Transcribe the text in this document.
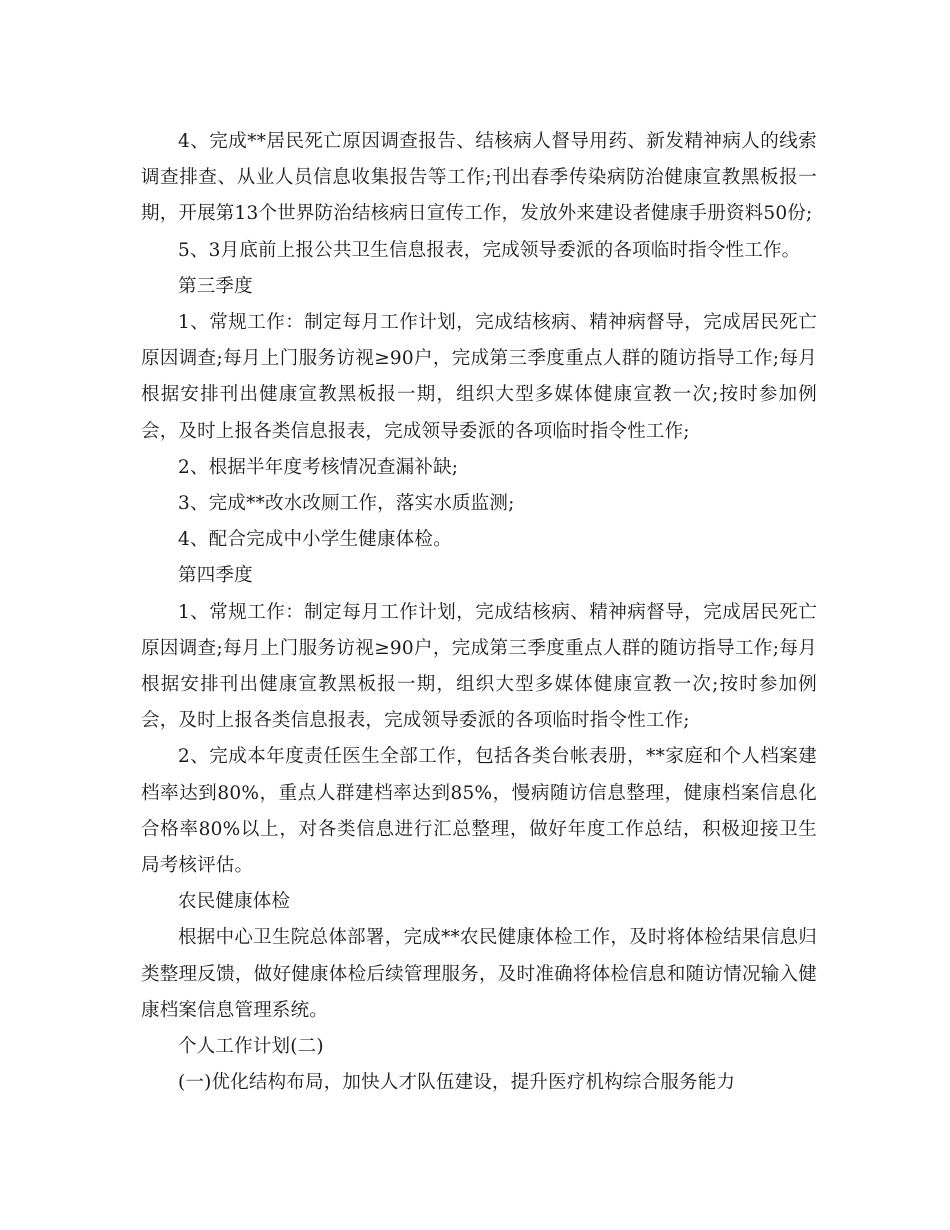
4、完成**居民死亡原因调查报告、结核病人督导用药、新发精神病人的线索调查排查、从业人员信息收集报告等工作;刊出春季传染病防治健康宣教黑板报一期，开展第13个世界防治结核病日宣传工作，发放外来建设者健康手册资料50份;

5、3月底前上报公共卫生信息报表，完成领导委派的各项临时指令性工作。

第三季度

1、常规工作：制定每月工作计划，完成结核病、精神病督导，完成居民死亡原因调查;每月上门服务访视≥90户，完成第三季度重点人群的随访指导工作;每月根据安排刊出健康宣教黑板报一期，组织大型多媒体健康宣教一次;按时参加例会，及时上报各类信息报表，完成领导委派的各项临时指令性工作;

2、根据半年度考核情况查漏补缺;

3、完成**改水改厕工作，落实水质监测;

4、配合完成中小学生健康体检。

第四季度

1、常规工作：制定每月工作计划，完成结核病、精神病督导，完成居民死亡原因调查;每月上门服务访视≥90户，完成第三季度重点人群的随访指导工作;每月根据安排刊出健康宣教黑板报一期，组织大型多媒体健康宣教一次;按时参加例会，及时上报各类信息报表，完成领导委派的各项临时指令性工作;

2、完成本年度责任医生全部工作，包括各类台帐表册，**家庭和个人档案建档率达到80%，重点人群建档率达到85%，慢病随访信息整理，健康档案信息化合格率80%以上，对各类信息进行汇总整理，做好年度工作总结，积极迎接卫生局考核评估。

农民健康体检

根据中心卫生院总体部署，完成**农民健康体检工作，及时将体检结果信息归类整理反馈，做好健康体检后续管理服务，及时准确将体检信息和随访情况输入健康档案信息管理系统。

个人工作计划(二)

(一)优化结构布局，加快人才队伍建设，提升医疗机构综合服务能力
